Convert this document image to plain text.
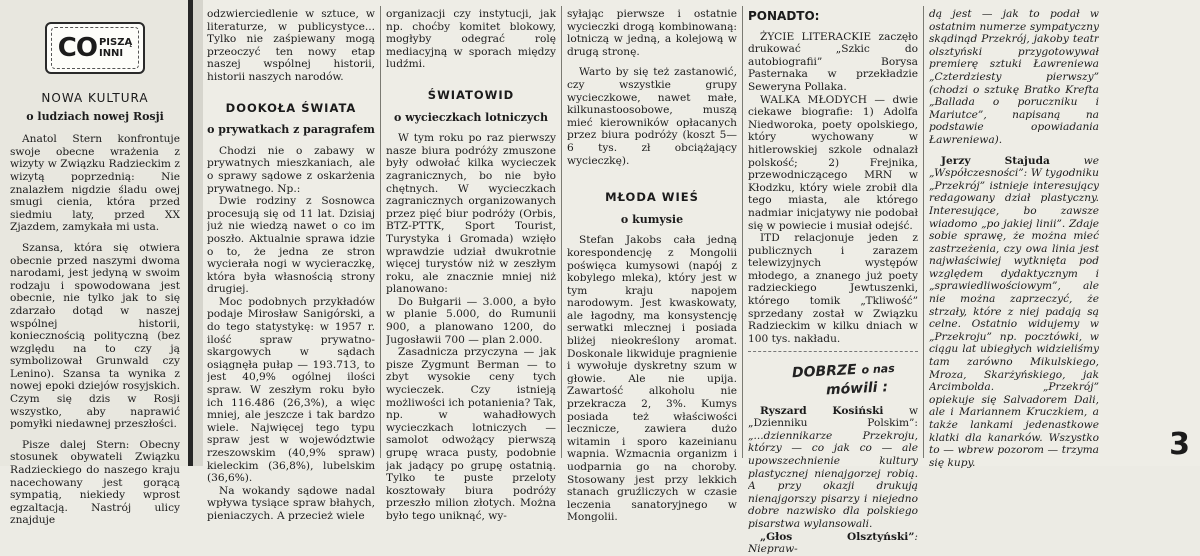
CO PISZĄ
INNI
NOWA KULTURA
o ludziach nowej Rosji

Anatol Stern konfrontuje swoje obecne wrażenia z wizyty w Związku Radzieckim z wizytą poprzednią: Nie znalazłem nigdzie śladu owej smugi cienia, która przed siedmiu laty, przed XX Zjazdem, zamykała mi usta.

Szansa, która się otwiera obecnie przed naszymi dwoma narodami, jest jedyną w swoim rodzaju i spowodowana jest obecnie, nie tylko jak to się zdarzało dotąd w naszej wspólnej historii, koniecznością polityczną (bez względu na to czy ją symbolizował Grunwald czy Lenino). Szansa ta wynika z nowej epoki dziejów rosyjskich. Czym się dzis w Rosji wszystko, aby naprawić pomyłki niedawnej przeszłości.

Pisze dalej Stern: Obecny stosunek obywateli Związku Radzieckiego do naszego kraju nacechowany jest gorącą sympatią, niekiedy wprost egzaltacją. Nastrój ulicy znajduje

odzwierciedlenie w sztuce, w literaturze, w publicystyce... Tylko nie zaśpiewany mogą przeoczyć ten nowy etap naszej wspólnej historii, historii naszych narodów.

DOOKOŁA ŚWIATA
o prywatkach z paragrafem

Chodzi nie o zabawy w prywatnych mieszkaniach, ale o sprawy sądowe z oskarżenia prywatnego. Np.:

Dwie rodziny z Sosnowca procesują się od 11 lat. Dzisiaj już nie wiedzą nawet o co im poszło. Aktualnie sprawa idzie o to, że jedna ze stron wycierała nogi w wycieraczkę, która była własnością strony drugiej.

Moc podobnych przykładów podaje Mirosław Sanigórski, a do tego statystykę: w 1957 r. ilość spraw prywatno-skargowych w sądach osiągnęła pułap — 193.713, to jest 40,9% ogólnej ilości spraw. W zeszłym roku było ich 116.486 (26,3%), a więc mniej, ale jeszcze i tak bardzo wiele. Najwięcej tego typu spraw jest w województwie rzeszowskim (40,9% spraw) kieleckim (36,8%), lubelskim (36,6%).

Na wokandy sądowe nadal wpływa tysiące spraw błahych, pieniaczych. A przecież wiele

organizacji czy instytucji, jak np. choćby komitet blokowy, mogłyby odegrać rolę mediacyjną w sporach między ludźmi.

ŚWIATOWID
o wycieczkach lotniczych

W tym roku po raz pierwszy nasze biura podróży zmuszone były odwołać kilka wycieczek zagranicznych, bo nie było chętnych. W wycieczkach zagranicznych organizowanych przez pięć biur podróży (Orbis, BTZ-PTTK, Sport Tourist, Turystyka i Gromada) wzięło wprawdzie udział dwukrotnie więcej turystów niż w zeszłym roku, ale znacznie mniej niż planowano:

Do Bułgarii — 3.000, a było w planie 5.000, do Rumunii 900, a planowano 1200, do Jugosławii 700 — plan 2.000.

Zasadnicza przyczyna — jak pisze Zygmunt Berman — to zbyt wysokie ceny tych wycieczek. Czy istnieją możliwości ich potanienia? Tak, np. w wahadłowych wycieczkach lotniczych — samolot odwożący pierwszą grupę wraca pusty, podobnie jak jadący po grupę ostatnią. Tylko te puste przeloty kosztowały biura podróży przeszło milion złotych. Można było tego uniknąć, wy-

syłając pierwsze i ostatnie wycieczki drogą kombinowaną: lotniczą w jedną, a kolejową w drugą stronę.

Warto by się też zastanowić, czy wszystkie grupy wycieczkowe, nawet małe, kilkunastoosobowe, muszą mieć kierowników opłacanych przez biura podróży (koszt 5—6 tys. zł obciążający wycieczkę).

MŁODA WIEŚ
o kumysie

Stefan Jakobs cała jedną korespondencję z Mongolii poświęca kumysowi (napój z kobylego mleka), który jest w tym kraju napojem narodowym. Jest kwaskowaty, ale łagodny, ma konsystencję serwatki mlecznej i posiada bliżej nieokreślony aromat. Doskonale likwiduje pragnienie i wywołuje dyskretny szum w głowie. Ale nie upija. Zawartość alkoholu nie przekracza 2, 3%. Kumys posiada też właściwości lecznicze, zawiera dużo witamin i sporo kazeinianu wapnia. Wzmacnia organizm i uodparnia go na choroby. Stosowany jest przy lekkich stanach gruźliczych w czasie leczenia sanatoryjnego w Mongolii.

PONADTO:

ŻYCIE LITERACKIE zaczęło drukować „Szkic do autobiografii” Borysa Pasternaka w przekładzie Seweryna Pollaka.

WALKA MŁODYCH — dwie ciekawe biografie: 1) Adolfa Niedworoka, poety opolskiego, który wychowany w hitlerowskiej szkole odnalazł polskość; 2) Frejnika, przewodniczącego MRN w Kłodzku, który wiele zrobił dla tego miasta, ale którego nadmiar inicjatywy nie podobał się w powiecie i musiał odejść.

ITD relacjonuje jeden z publicznych i zarazem telewizyjnych występów młodego, a znanego już poety radzieckiego Jewtuszenki, którego tomik „Tkliwość” sprzedany został w Związku Radzieckim w kilku dniach w 100 tys. nakładu.

DOBRZE o nas
mówili :

Ryszard Kosiński w „Dzienniku Polskim”: „...dziennikarze Przekroju, którzy — co jak co — ale upowszechnienie kultury plastycznej nienajgorzej robią. A przy okazji drukują nienajgorszy pisarzy i niejedno dobre nazwisko dla polskiego pisarstwa wylansowali.

„Głos Olsztyński”: Niepraw-

dą jest — jak to podał w ostatnim numerze sympatyczny skądinąd Przekrój, jakoby teatr olsztyński przygotowywał premierę sztuki Ławreniewa „Czterdziesty pierwszy” (chodzi o sztukę Bratko Krefta „Ballada o poruczniku i Mariutce”, napisaną na podstawie opowiadania Ławreniewa).

Jerzy Stajuda we „Współczesności”: W tygodniku „Przekrój” istnieje interesujący redagowany dział plastyczny. Interesujące, bo zawsze wiadomo „po jakiej linii”. Zdaje sobie sprawę, że można mieć zastrzeżenia, czy owa linia jest najwłaściwiej wytknięta pod względem dydaktycznym i „sprawiedliwościowym”, ale nie można zaprzeczyć, że strzały, które z niej padają są celne. Ostatnio widujemy w „Przekroju” np. pocztówki, w ciągu lat ubiegłych widzieliśmy tam zarówno Mikulskiego, Mroza, Skarżyńskiego, jak Arcimbolda. „Przekrój” opiekuje się Salvadorem Dali, ale i Mariannem Kruczkiem, a także lankami jedenastkowe klatki dla kanarków. Wszystko to — wbrew pozorom — trzyma się kupy.

3
